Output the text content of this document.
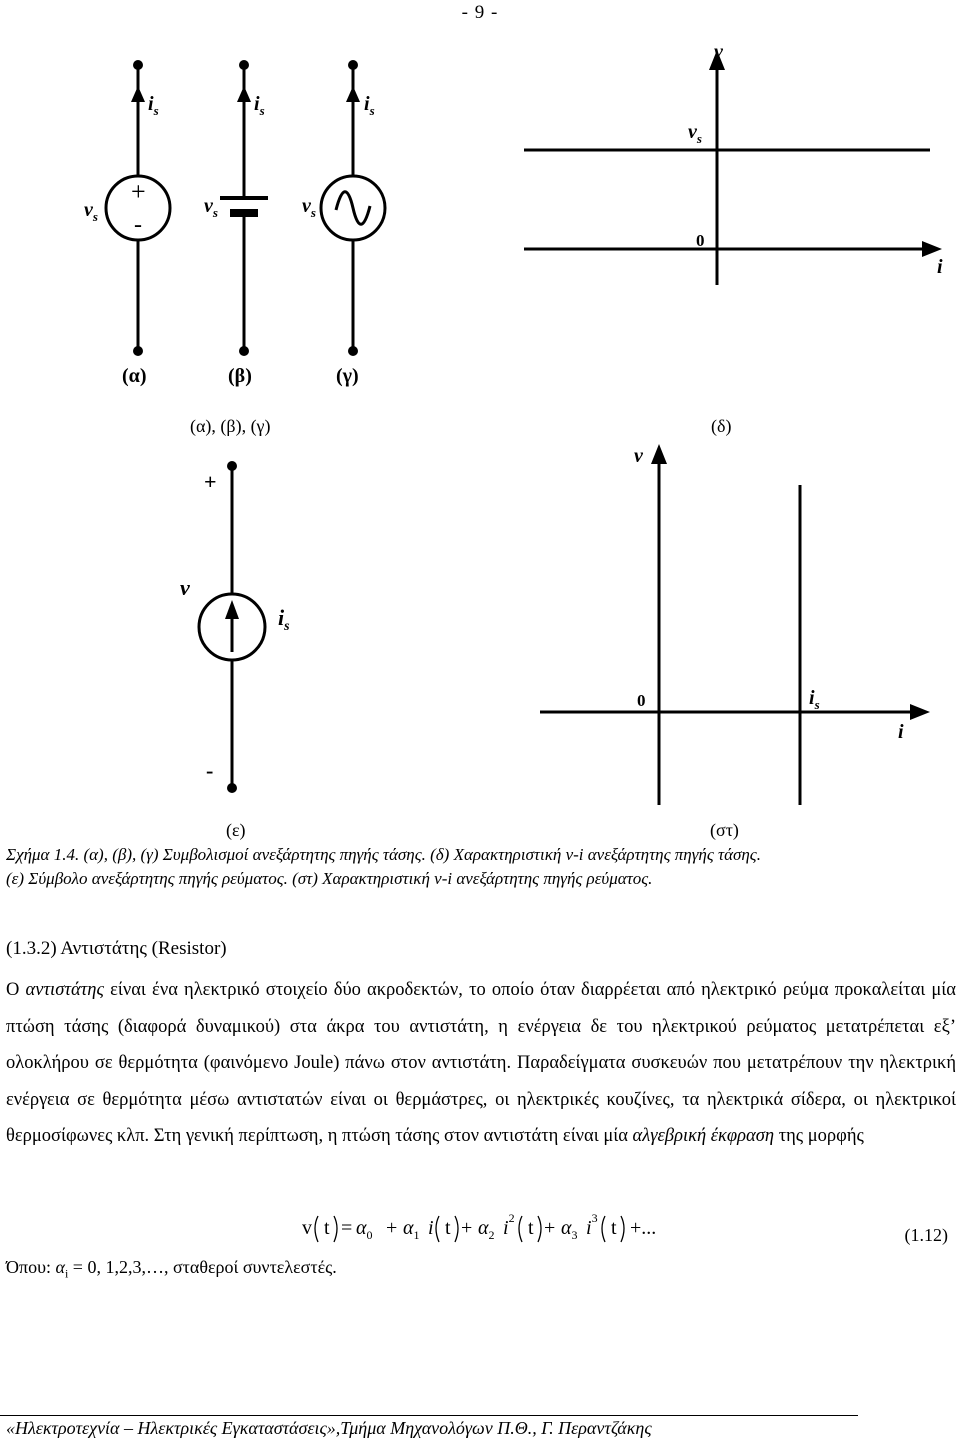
- 9 -
$i_s$	$i_s$	$i_s$
$v_s$	$v_s$	$v_s$
+
-
(α)	(β)	(γ)
v
i
$v_s$
0
(α), (β), (γ)	(δ)
+
-
v
$i_s$
v
i
0	$i_s$
(ε)	(στ)
Σχήμα 1.4. (α), (β), (γ) Συμβολισμοί ανεξάρτητης πηγής τάσης. (δ) Χαρακτηριστική v-i ανεξάρτητης πηγής τάσης.
(ε) Σύμβολο ανεξάρτητης πηγής ρεύματος. (στ) Χαρακτηριστική v-i ανεξάρτητης πηγής ρεύματος.
(1.3.2) Αντιστάτης (Resistor)
Ο αντιστάτης είναι ένα ηλεκτρικό στοιχείο δύο ακροδεκτών, το οποίο όταν διαρρέεται από ηλεκτρικό ρεύμα προκαλείται μία πτώση τάσης (διαφορά δυναμικού) στα άκρα του αντιστάτη, η ενέργεια δε του ηλεκτρικού ρεύματος μετατρέπεται εξ’ ολοκλήρου σε θερμότητα (φαινόμενο Joule) πάνω στον αντιστάτη. Παραδείγματα συσκευών που μετατρέπουν την ηλεκτρική ενέργεια σε θερμότητα μέσω αντιστατών είναι οι θερμάστρες, οι ηλεκτρικές κουζίνες, τα ηλεκτρικά σίδερα, οι ηλεκτρικοί θερμοσίφωνες κλπ. Στη γενική περίπτωση, η πτώση τάσης στον αντιστάτη είναι μία αλγεβρική έκφραση της μορφής
v $t = \alpha_0 + \alpha_1$ i $t + \alpha_2$ $i^2$ $t + \alpha_3$ $i^3$ t +...	(1.12)
Όπου: $\alpha_i = 0$, 1,2,3,…, σταθεροί συντελεστές.
«Ηλεκτροτεχνία – Ηλεκτρικές Εγκαταστάσεις»,Τμήμα Μηχανολόγων Π.Θ., Γ. Περαντζάκης
